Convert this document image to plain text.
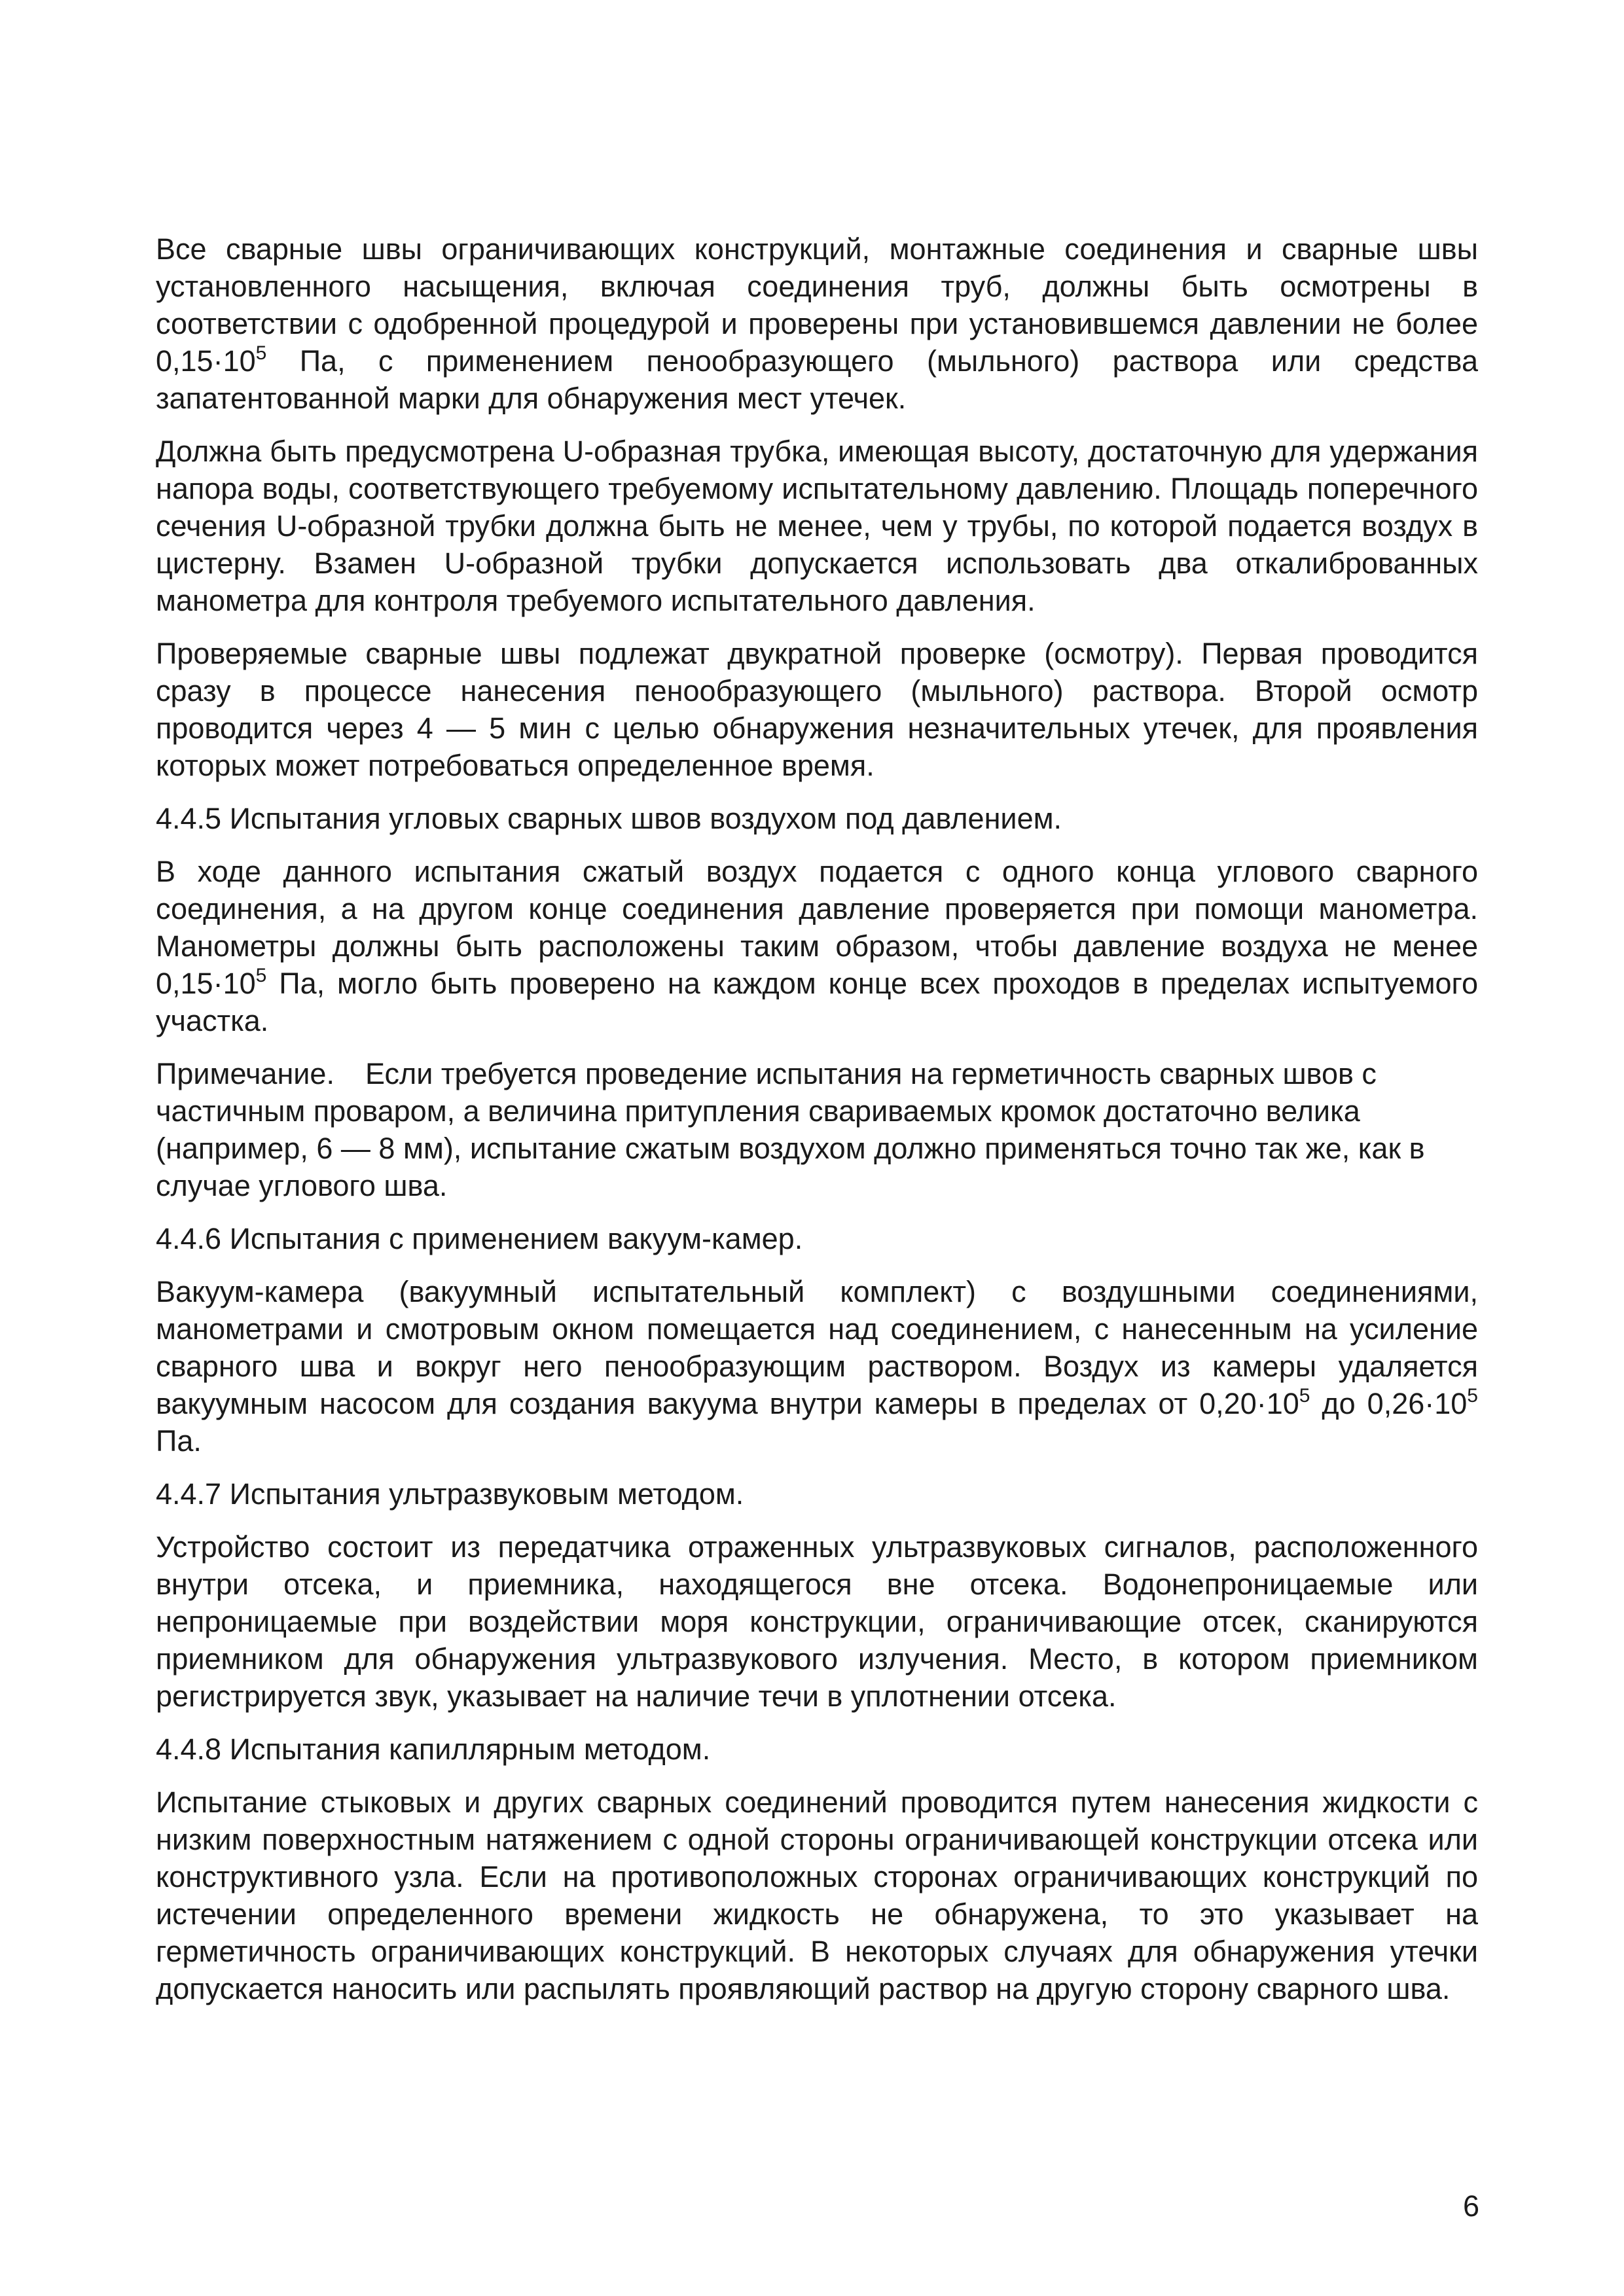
Все сварные швы ограничивающих конструкций, монтажные соединения и сварные швы установленного насыщения, включая соединения труб, должны быть осмотрены в соответствии с одобренной процедурой и проверены при установившемся давлении не более $0,15\cdot 10^5$ Па, с применением пенообразующего (мыльного) раствора или средства запатентованной марки для обнаружения мест утечек.

Должна быть предусмотрена U-образная трубка, имеющая высоту, достаточную для удержания напора воды, соответствующего требуемому испытательному давлению. Площадь поперечного сечения U-образной трубки должна быть не менее, чем у трубы, по которой подается воздух в цистерну. Взамен U-образной трубки допускается использовать два откалиброванных манометра для контроля требуемого испытательного давления.

Проверяемые сварные швы подлежат двукратной проверке (осмотру). Первая проводится сразу в процессе нанесения пенообразующего (мыльного) раствора. Второй осмотр проводится через 4 — 5 мин с целью обнаружения незначительных утечек, для проявления которых может потребоваться определенное время.

4.4.5 Испытания угловых сварных швов воздухом под давлением.

В ходе данного испытания сжатый воздух подается с одного конца углового сварного соединения, а на другом конце соединения давление проверяется при помощи манометра. Манометры должны быть расположены таким образом, чтобы давление воздуха не менее $0,15\cdot 10^5$ Па, могло быть проверено на каждом конце всех проходов в пределах испытуемого участка.

Примечание. Если требуется проведение испытания на герметичность сварных швов с частичным проваром, а величина притупления свариваемых кромок достаточно велика (например, 6 — 8 мм), испытание сжатым воздухом должно применяться точно так же, как в случае углового шва.

4.4.6 Испытания с применением вакуум-камер.

Вакуум-камера (вакуумный испытательный комплект) с воздушными соединениями, манометрами и смотровым окном помещается над соединением, с нанесенным на усиление сварного шва и вокруг него пенообразующим раствором. Воздух из камеры удаляется вакуумным насосом для создания вакуума внутри камеры в пределах от $0,20\cdot 10^5$ до $0,26\cdot 10^5$ Па.

4.4.7 Испытания ультразвуковым методом.

Устройство состоит из передатчика отраженных ультразвуковых сигналов, расположенного внутри отсека, и приемника, находящегося вне отсека. Водонепроницаемые или непроницаемые при воздействии моря конструкции, ограничивающие отсек, сканируются приемником для обнаружения ультразвукового излучения. Место, в котором приемником регистрируется звук, указывает на наличие течи в уплотнении отсека.

4.4.8 Испытания капиллярным методом.

Испытание стыковых и других сварных соединений проводится путем нанесения жидкости с низким поверхностным натяжением с одной стороны ограничивающей конструкции отсека или конструктивного узла. Если на противоположных сторонах ограничивающих конструкций по истечении определенного времени жидкость не обнаружена, то это указывает на герметичность ограничивающих конструкций. В некоторых случаях для обнаружения утечки допускается наносить или распылять проявляющий раствор на другую сторону сварного шва.

6
